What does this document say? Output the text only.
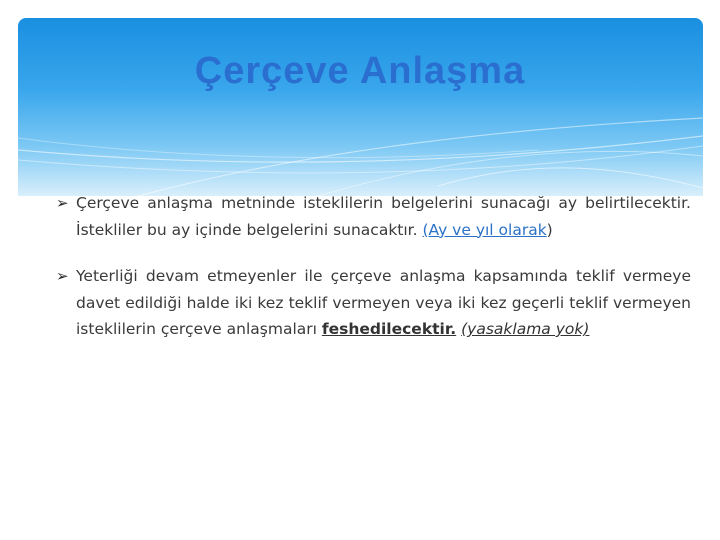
Çerçeve Anlaşma
➢ Çerçeve anlaşma metninde isteklilerin belgelerini sunacağı ay belirtilecektir. İstekliler bu ay içinde belgelerini sunacaktır. (Ay ve yıl olarak)
➢ Yeterliği devam etmeyenler ile çerçeve anlaşma kapsamında teklif vermeye davet edildiği halde iki kez teklif vermeyen veya iki kez geçerli teklif vermeyen isteklilerin çerçeve anlaşmaları feshedilecektir. (yasaklama yok)
